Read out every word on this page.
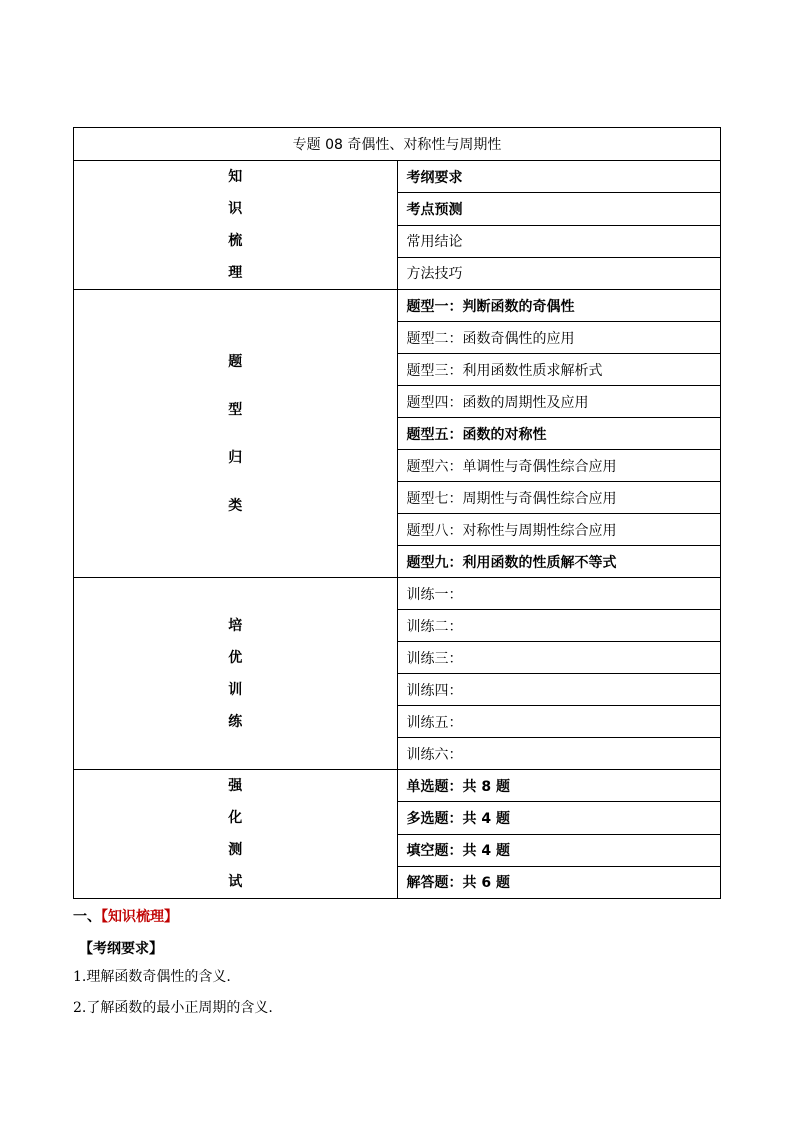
专题 08 奇偶性、对称性与周期性	

知
识
梳
理	考纲要求
	考点预测
	常用结论
	方法技巧

题
型
归
类	题型一：判断函数的奇偶性
	题型二：函数奇偶性的应用
	题型三：利用函数性质求解析式
	题型四：函数的周期性及应用
	题型五：函数的对称性
	题型六：单调性与奇偶性综合应用
	题型七：周期性与奇偶性综合应用
	题型八：对称性与周期性综合应用
	题型九：利用函数的性质解不等式

培
优
训
练	训练一：
	训练二：
	训练三：
	训练四：
	训练五：
	训练六：

强
化
测
试	单选题：共 8 题
	多选题：共 4 题
	填空题：共 4 题
	解答题：共 6 题
一、【知识梳理】
【考纲要求】
1.理解函数奇偶性的含义.
2.了解函数的最小正周期的含义.
